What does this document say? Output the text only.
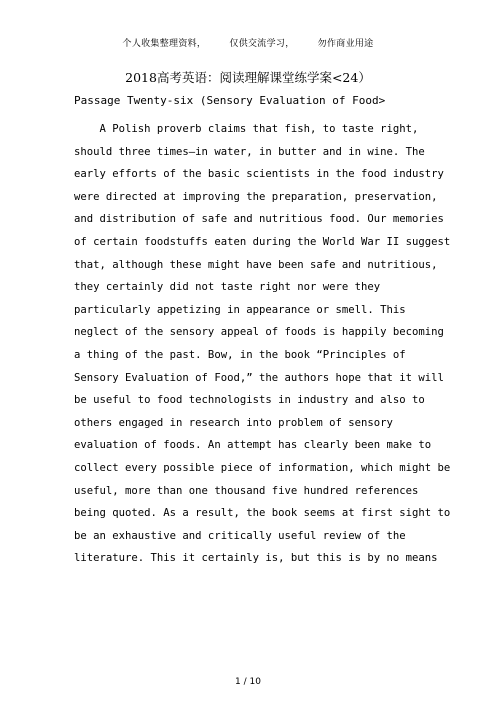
个人收集整理资料，	仅供交流学习，	勿作商业用途
2018高考英语：阅读理解课堂练学案<24）
Passage Twenty-six (Sensory Evaluation of Food>
A Polish proverb claims that fish, to taste right,
should three times—in water, in butter and in wine. The
early efforts of the basic scientists in the food industry
were directed at improving the preparation, preservation,
and distribution of safe and nutritious food. Our memories
of certain foodstuffs eaten during the World War II suggest
that, although these might have been safe and nutritious,
they certainly did not taste right nor were they
particularly appetizing in appearance or smell. This
neglect of the sensory appeal of foods is happily becoming
a thing of the past. Bow, in the book “Principles of
Sensory Evaluation of Food,” the authors hope that it will
be useful to food technologists in industry and also to
others engaged in research into problem of sensory
evaluation of foods. An attempt has clearly been make to
collect every possible piece of information, which might be
useful, more than one thousand five hundred references
being quoted. As a result, the book seems at first sight to
be an exhaustive and critically useful review of the
literature. This it certainly is, but this is by no means
1 / 10
